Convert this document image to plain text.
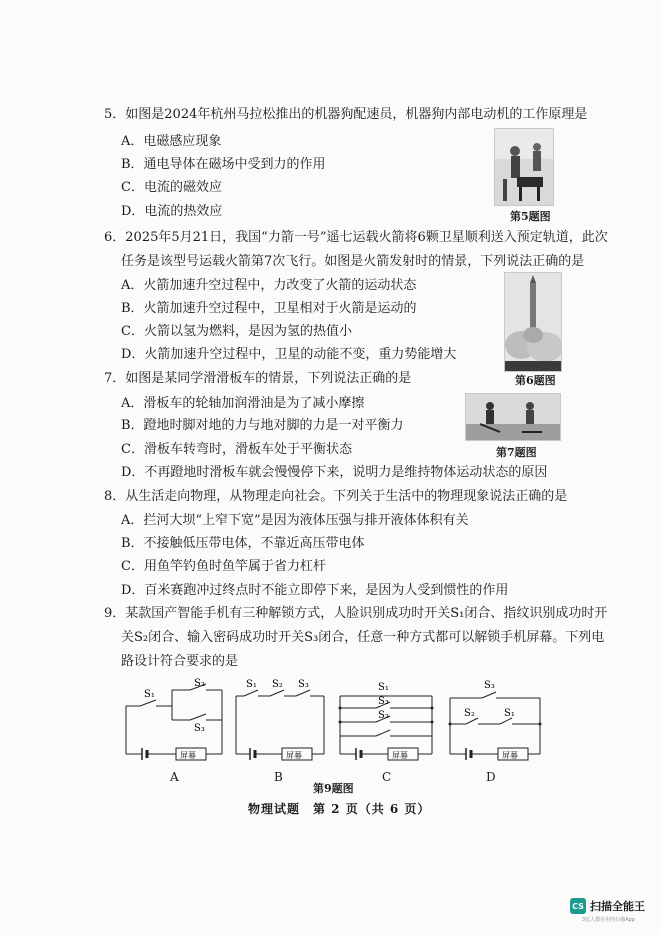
5．如图是2024年杭州马拉松推出的机器狗配速员，机器狗内部电动机的工作原理是
A．电磁感应现象
B．通电导体在磁场中受到力的作用
C．电流的磁效应
D．电流的热效应	第5题图
6．2025年5月21日，我国“力箭一号”遥七运载火箭将6颗卫星顺利送入预定轨道，此次
任务是该型号运载火箭第7次飞行。如图是火箭发射时的情景，下列说法正确的是
A．火箭加速升空过程中，力改变了火箭的运动状态
B．火箭加速升空过程中，卫星相对于火箭是运动的
C．火箭以氢为燃料，是因为氢的热值小
D．火箭加速升空过程中，卫星的动能不变，重力势能增大
第6题图
7．如图是某同学滑滑板车的情景，下列说法正确的是
A．滑板车的轮轴加润滑油是为了减小摩擦
B．蹬地时脚对地的力与地对脚的力是一对平衡力
C．滑板车转弯时，滑板车处于平衡状态
D．不再蹬地时滑板车就会慢慢停下来，说明力是维持物体运动状态的原因
第7题图
8．从生活走向物理，从物理走向社会。下列关于生活中的物理现象说法正确的是
A．拦河大坝“上窄下宽”是因为液体压强与排开液体体积有关
B．不接触低压带电体，不靠近高压带电体
C．用鱼竿钓鱼时鱼竿属于省力杠杆
D．百米赛跑冲过终点时不能立即停下来，是因为人受到惯性的作用
9．某款国产智能手机有三种解锁方式，人脸识别成功时开关S₁闭合、指纹识别成功时开
关S₂闭合、输入密码成功时开关S₃闭合，任意一种方式都可以解锁手机屏幕。下列电
路设计符合要求的是
S₁
S₂
S₃
屏幕
A
S₁ S₂ S₃
屏幕
B
S₁
S₃
S₂
屏幕
C
S₃
S₂	S₁
屏幕
D
第9题图
物理试题　第 2 页（共 6 页）
CS 扫描全能王
3亿人都在用的扫描App
